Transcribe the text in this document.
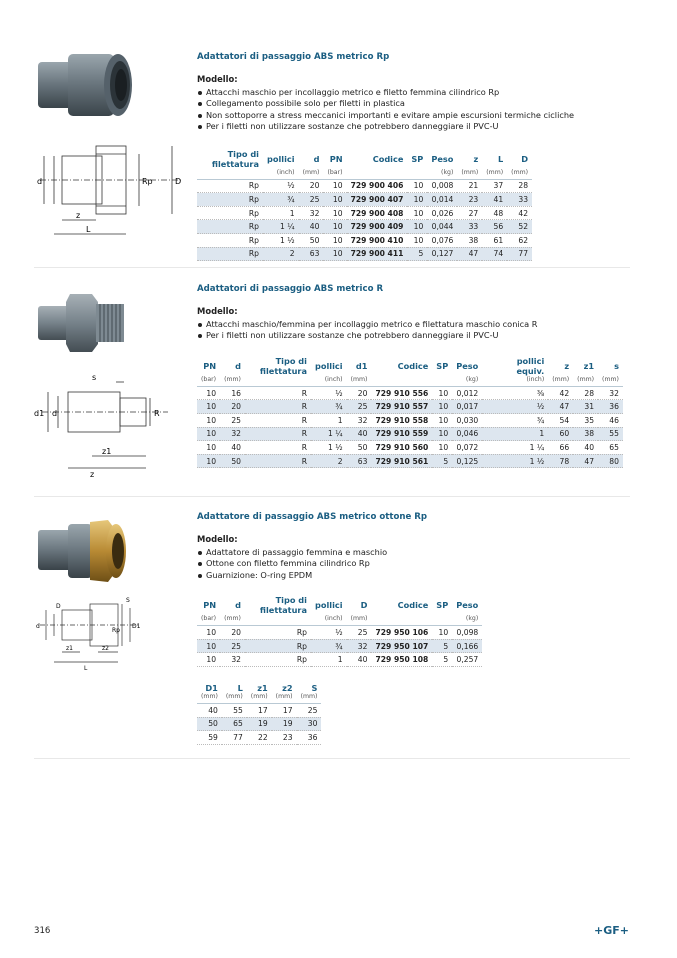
d	Rp	D
z
L
Adattatori di passaggio ABS metrico Rp
Modello:
Attacchi maschio per incollaggio metrico e filetto femmina cilindrico Rp
Collegamento possibile solo per filetti in plastica
Non sottoporre a stress meccanici importanti e evitare ampie escursioni termiche cicliche
Per i filetti non utilizzare sostanze che potrebbero danneggiare il PVC-U
Tipo di filettatura	pollici	d	PN	Codice	SP	Peso	z	L	D
	(inch)	(mm)	(bar)			(kg)	(mm)	(mm)	(mm)
Rp	½	20	10	729 900 406	10	0,008	21	37	28
Rp	¾	25	10	729 900 407	10	0,014	23	41	33
Rp	1	32	10	729 900 408	10	0,026	27	48	42
Rp	1 ¼	40	10	729 900 409	10	0,044	33	56	52
Rp	1 ½	50	10	729 900 410	10	0,076	38	61	62
Rp	2	63	10	729 900 411	5	0,127	47	74	77
s
d1 d	R
z1
z
Adattatori di passaggio ABS metrico R
Modello:
Attacchi maschio/femmina per incollaggio metrico e filettatura maschio conica R
Per i filetti non utilizzare sostanze che potrebbero danneggiare il PVC-U
PN	d	Tipo di filettatura	pollici	d1	Codice	SP	Peso	pollici equiv.	z	z1	s
(bar)	(mm)		(inch)	(mm)			(kg)	(inch)	(mm)	(mm)	(mm)
10	16	R	½	20	729 910 556	10	0,012	⅜	42	28	32
10	20	R	¾	25	729 910 557	10	0,017	½	47	31	36
10	25	R	1	32	729 910 558	10	0,030	¾	54	35	46
10	32	R	1 ¼	40	729 910 559	10	0,046	1	60	38	55
10	40	R	1 ½	50	729 910 560	10	0,072	1 ¼	66	40	65
10	50	R	2	63	729 910 561	5	0,125	1 ½	78	47	80
S
d	D1
D
Rp
z1	z2
L
Adattatore di passaggio ABS metrico ottone Rp
Modello:
Adattatore di passaggio femmina e maschio
Ottone con filetto femmina cilindrico Rp
Guarnizione: O-ring EPDM
PN	d	Tipo di filettatura	pollici	D	Codice	SP	Peso
(bar)	(mm)		(inch)	(mm)			(kg)
10	20	Rp	½	25	729 950 106	10	0,098
10	25	Rp	¾	32	729 950 107	5	0,166
10	32	Rp	1	40	729 950 108	5	0,257
D1	L	z1	z2	S
(mm)	(mm)	(mm)	(mm)	(mm)
40	55	17	17	25
50	65	19	19	30
59	77	22	23	36
316	+GF+
